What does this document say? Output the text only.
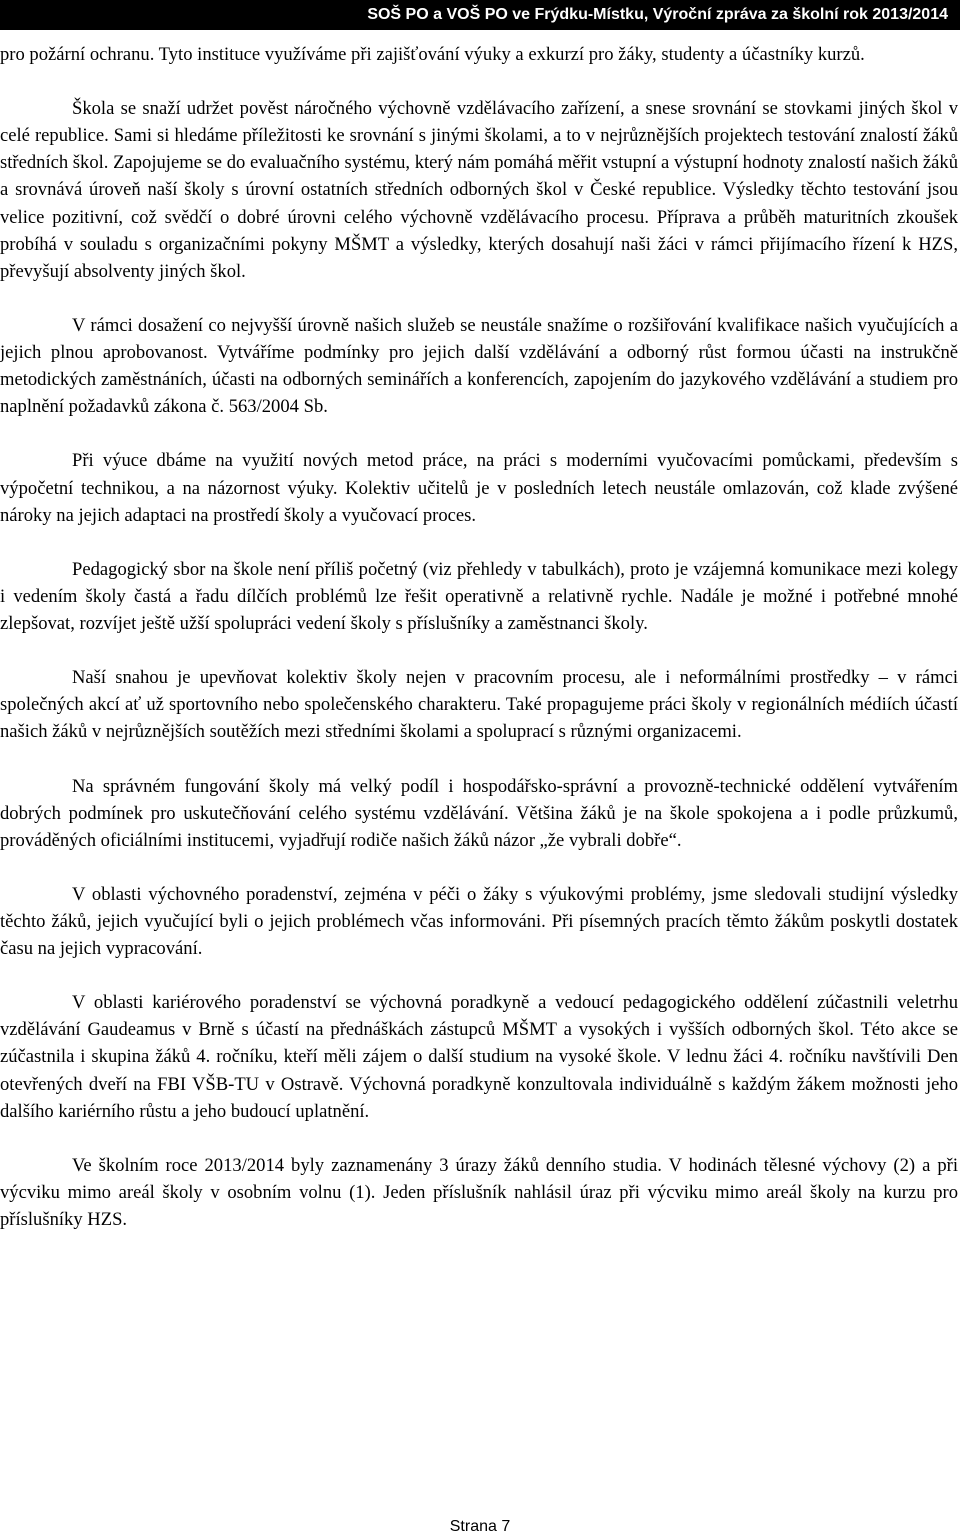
SOŠ PO a VOŠ PO ve Frýdku-Místku, Výroční zpráva za školní rok 2013/2014

pro požární ochranu. Tyto instituce využíváme při zajišťování výuky a exkurzí pro žáky, studenty a účastníky kurzů.

Škola se snaží udržet pověst náročného výchovně vzdělávacího zařízení, a snese srovnání se stovkami jiných škol v celé republice. Sami si hledáme příležitosti ke srovnání s jinými školami, a to v nejrůznějších projektech testování znalostí žáků středních škol. Zapojujeme se do evaluačního systému, který nám pomáhá měřit vstupní a výstupní hodnoty znalostí našich žáků a srovnává úroveň naší školy s úrovní ostatních středních odborných škol v České republice. Výsledky těchto testování jsou velice pozitivní, což svědčí o dobré úrovni celého výchovně vzdělávacího procesu. Příprava a průběh maturitních zkoušek probíhá v souladu s organizačními pokyny MŠMT a výsledky, kterých dosahují naši žáci v rámci přijímacího řízení k HZS, převyšují absolventy jiných škol.

V rámci dosažení co nejvyšší úrovně našich služeb se neustále snažíme o rozšiřování kvalifikace našich vyučujících a jejich plnou aprobovanost. Vytváříme podmínky pro jejich další vzdělávání a odborný růst formou účasti na instrukčně metodických zaměstnáních, účasti na odborných seminářích a konferencích, zapojením do jazykového vzdělávání a studiem pro naplnění požadavků zákona č. 563/2004 Sb.

Při výuce dbáme na využití nových metod práce, na práci s moderními vyučovacími pomůckami, především s výpočetní technikou, a na názornost výuky. Kolektiv učitelů je v posledních letech neustále omlazován, což klade zvýšené nároky na jejich adaptaci na prostředí školy a vyučovací proces.

Pedagogický sbor na škole není příliš početný (viz přehledy v tabulkách), proto je vzájemná komunikace mezi kolegy i vedením školy častá a řadu dílčích problémů lze řešit operativně a relativně rychle. Nadále je možné i potřebné mnohé zlepšovat, rozvíjet ještě užší spolupráci vedení školy s příslušníky a zaměstnanci školy.

Naší snahou je upevňovat kolektiv školy nejen v pracovním procesu, ale i neformálními prostředky – v rámci společných akcí ať už sportovního nebo společenského charakteru. Také propagujeme práci školy v regionálních médiích účastí našich žáků v nejrůznějších soutěžích mezi středními školami a spoluprací s různými organizacemi.

Na správném fungování školy má velký podíl i hospodářsko-správní a provozně-technické oddělení vytvářením dobrých podmínek pro uskutečňování celého systému vzdělávání. Většina žáků je na škole spokojena a i podle průzkumů, prováděných oficiálními institucemi, vyjadřují rodiče našich žáků názor „že vybrali dobře“.

V oblasti výchovného poradenství, zejména v péči o žáky s výukovými problémy, jsme sledovali studijní výsledky těchto žáků, jejich vyučující byli o jejich problémech včas informováni. Při písemných pracích těmto žákům poskytli dostatek času na jejich vypracování.

V oblasti kariérového poradenství se výchovná poradkyně a vedoucí pedagogického oddělení zúčastnili veletrhu vzdělávání Gaudeamus v Brně s účastí na přednáškách zástupců MŠMT a vysokých i vyšších odborných škol. Této akce se zúčastnila i skupina žáků 4. ročníku, kteří měli zájem o další studium na vysoké škole. V lednu žáci 4. ročníku navštívili Den otevřených dveří na FBI VŠB-TU v Ostravě. Výchovná poradkyně konzultovala individuálně s každým žákem možnosti jeho dalšího kariérního růstu a jeho budoucí uplatnění.

Ve školním roce 2013/2014 byly zaznamenány 3 úrazy žáků denního studia. V hodinách tělesné výchovy (2) a při výcviku mimo areál školy v osobním volnu (1). Jeden příslušník nahlásil úraz při výcviku mimo areál školy na kurzu pro příslušníky HZS.

Strana 7
